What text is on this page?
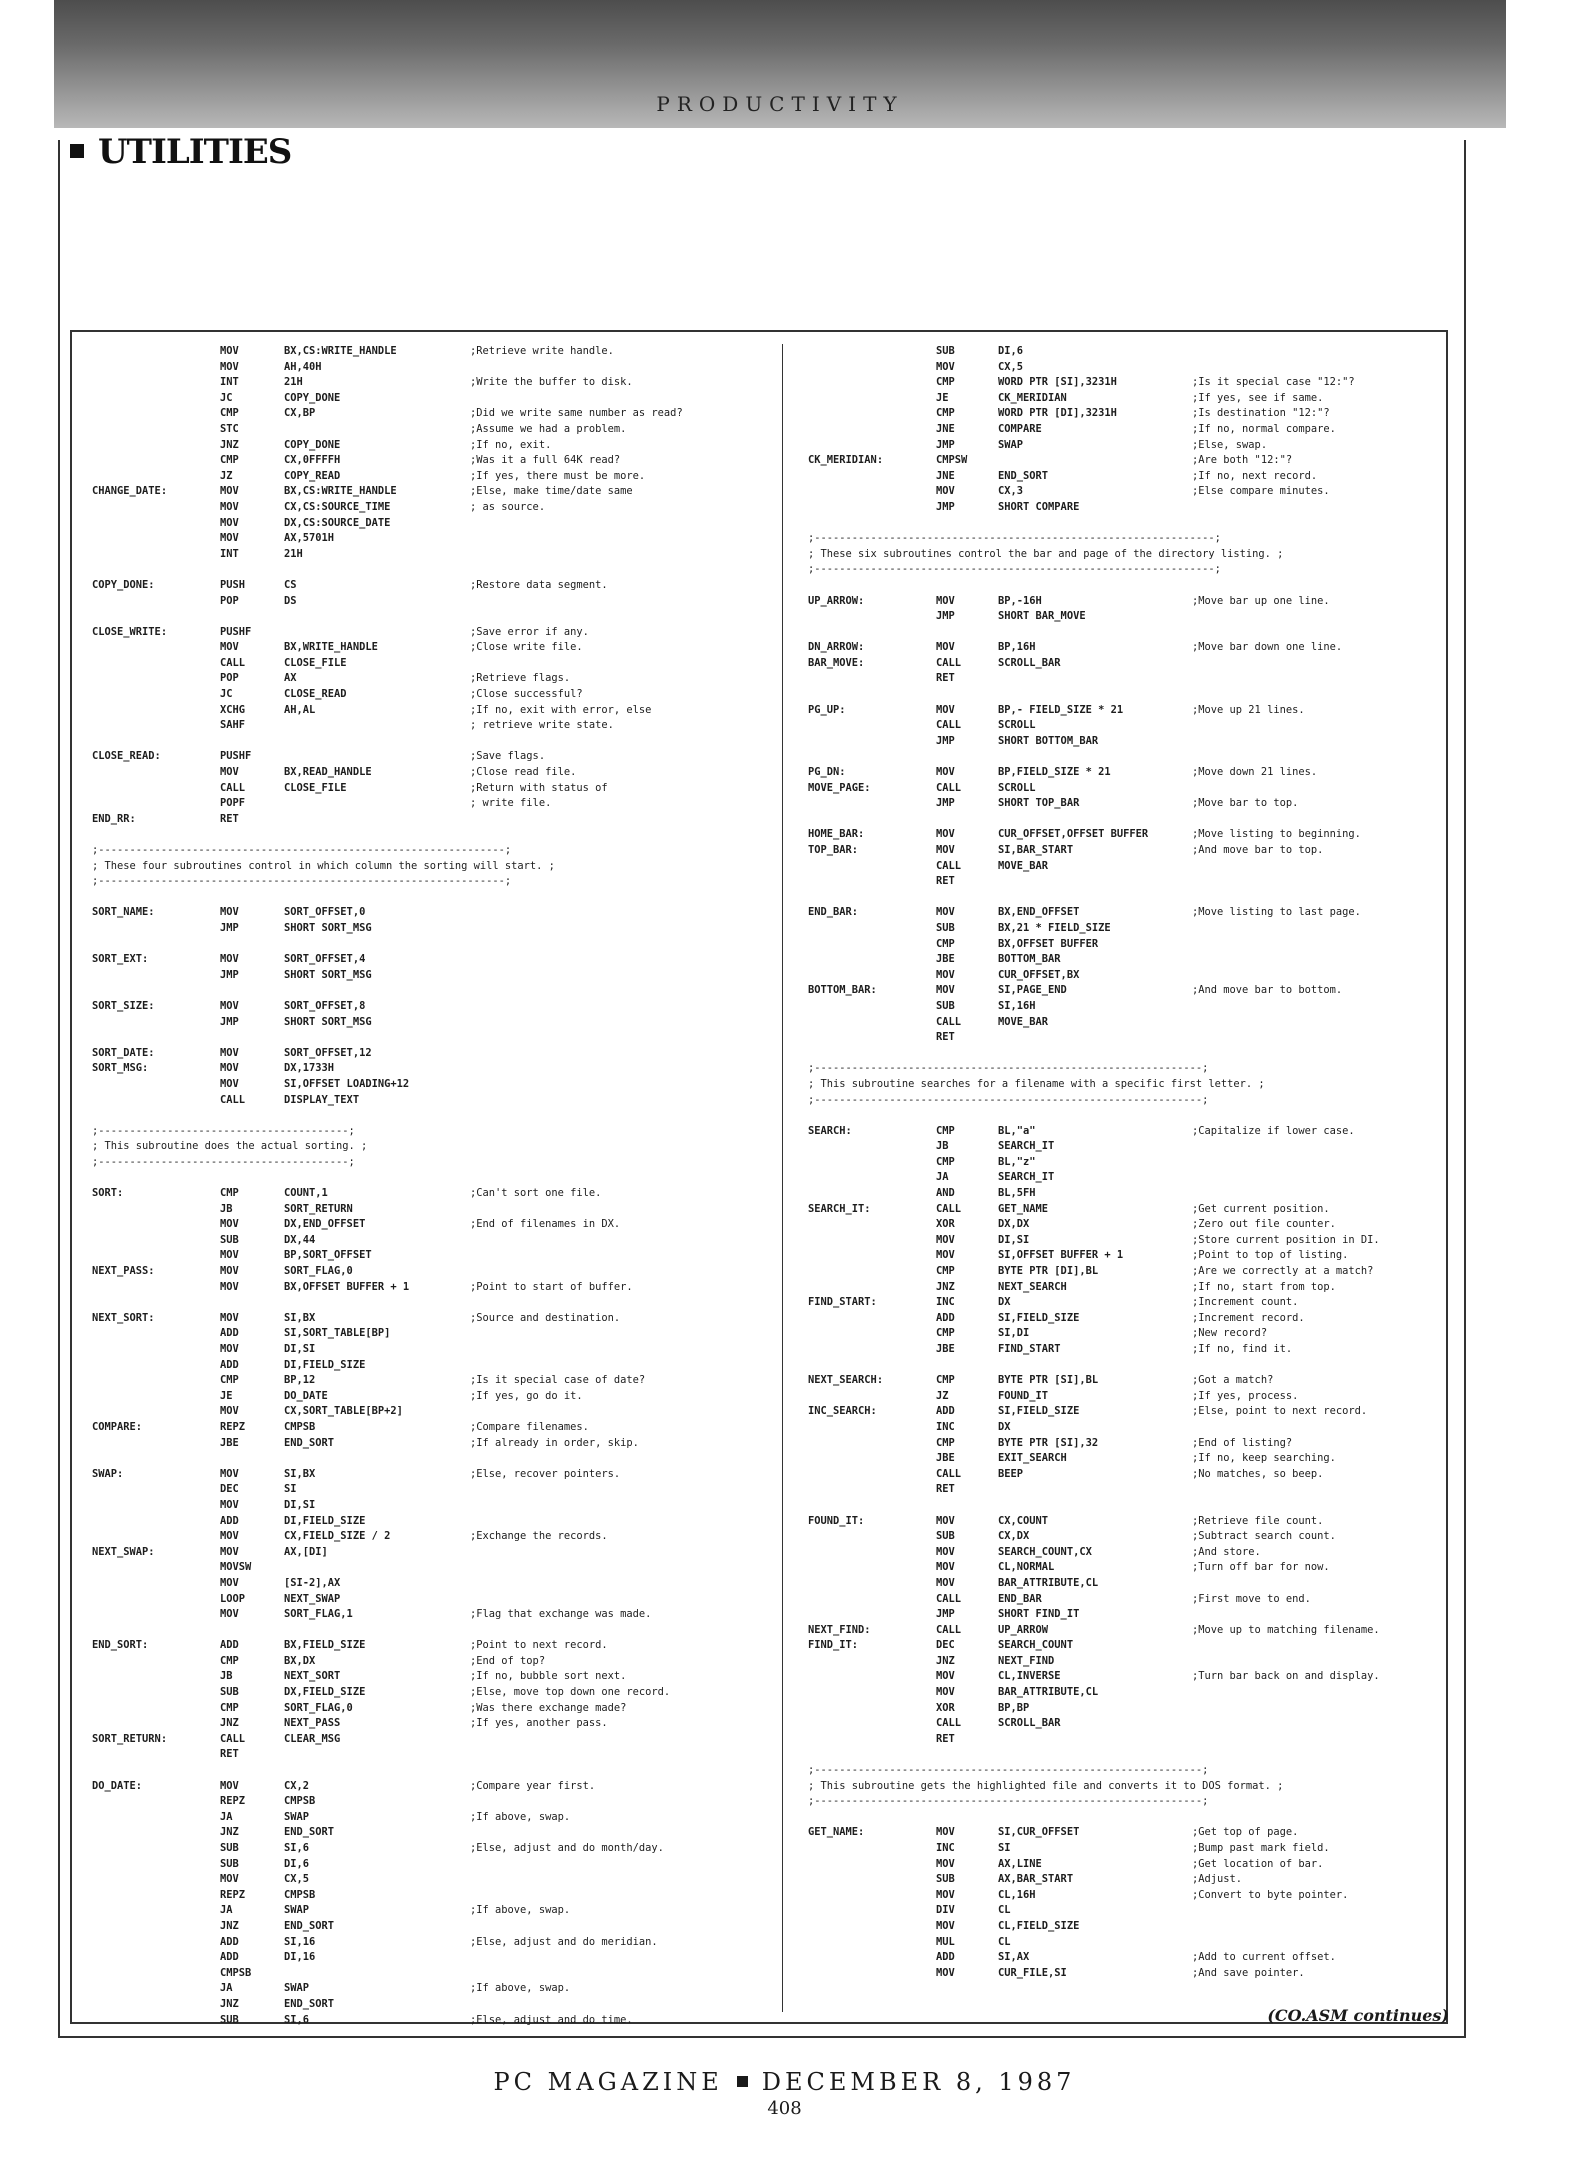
PRODUCTIVITY
UTILITIES
MOV	BX,CS:WRITE_HANDLE	;Retrieve write handle.
MOV	AH,40H
INT	21H	;Write the buffer to disk.
JC	COPY_DONE
CMP	CX,BP	;Did we write same number as read?
STC	;Assume we had a problem.
JNZ	COPY_DONE	;If no, exit.
CMP	CX,0FFFFH	;Was it a full 64K read?
JZ	COPY_READ	;If yes, there must be more.
CHANGE_DATE:	MOV	BX,CS:WRITE_HANDLE	;Else, make time/date same
MOV	CX,CS:SOURCE_TIME	; as source.
MOV	DX,CS:SOURCE_DATE
MOV	AX,5701H
INT	21H
COPY_DONE:	PUSH	CS	;Restore data segment.
POP	DS
CLOSE_WRITE:	PUSHF	;Save error if any.
MOV	BX,WRITE_HANDLE	;Close write file.
CALL	CLOSE_FILE
POP	AX	;Retrieve flags.
JC	CLOSE_READ	;Close successful?
XCHG	AH,AL	;If no, exit with error, else
SAHF	; retrieve write state.
CLOSE_READ:	PUSHF	;Save flags.
MOV	BX,READ_HANDLE	;Close read file.
CALL	CLOSE_FILE	;Return with status of
POPF	; write file.
END_RR:	RET
;-----------------------------------------------------------------;
; These four subroutines control in which column the sorting will start. ;
;-----------------------------------------------------------------;
SORT_NAME:	MOV	SORT_OFFSET,0
JMP	SHORT SORT_MSG
SORT_EXT:	MOV	SORT_OFFSET,4
JMP	SHORT SORT_MSG
SORT_SIZE:	MOV	SORT_OFFSET,8
JMP	SHORT SORT_MSG
SORT_DATE:	MOV	SORT_OFFSET,12
SORT_MSG:	MOV	DX,1733H
MOV	SI,OFFSET LOADING+12
CALL	DISPLAY_TEXT
;----------------------------------------;
; This subroutine does the actual sorting. ;
;----------------------------------------;
SORT:	CMP	COUNT,1	;Can't sort one file.
JB	SORT_RETURN
MOV	DX,END_OFFSET	;End of filenames in DX.
SUB	DX,44
MOV	BP,SORT_OFFSET
NEXT_PASS:	MOV	SORT_FLAG,0
MOV	BX,OFFSET BUFFER + 1	;Point to start of buffer.
NEXT_SORT:	MOV	SI,BX	;Source and destination.
ADD	SI,SORT_TABLE[BP]
MOV	DI,SI
ADD	DI,FIELD_SIZE
CMP	BP,12	;Is it special case of date?
JE	DO_DATE	;If yes, go do it.
MOV	CX,SORT_TABLE[BP+2]
COMPARE:	REPZ	CMPSB	;Compare filenames.
JBE	END_SORT	;If already in order, skip.
SWAP:	MOV	SI,BX	;Else, recover pointers.
DEC	SI
MOV	DI,SI
ADD	DI,FIELD_SIZE
MOV	CX,FIELD_SIZE / 2	;Exchange the records.
NEXT_SWAP:	MOV	AX,[DI]
MOVSW
MOV	[SI-2],AX
LOOP	NEXT_SWAP
MOV	SORT_FLAG,1	;Flag that exchange was made.
END_SORT:	ADD	BX,FIELD_SIZE	;Point to next record.
CMP	BX,DX	;End of top?
JB	NEXT_SORT	;If no, bubble sort next.
SUB	DX,FIELD_SIZE	;Else, move top down one record.
CMP	SORT_FLAG,0	;Was there exchange made?
JNZ	NEXT_PASS	;If yes, another pass.
SORT_RETURN:	CALL	CLEAR_MSG
RET
DO_DATE:	MOV	CX,2	;Compare year first.
REPZ	CMPSB
JA	SWAP	;If above, swap.
JNZ	END_SORT
SUB	SI,6	;Else, adjust and do month/day.
SUB	DI,6
MOV	CX,5
REPZ	CMPSB
JA	SWAP	;If above, swap.
JNZ	END_SORT
ADD	SI,16	;Else, adjust and do meridian.
ADD	DI,16
CMPSB
JA	SWAP	;If above, swap.
JNZ	END_SORT
SUB	SI,6	;Else, adjust and do time.
SUB	DI,6
MOV	CX,5
CMP	WORD PTR [SI],3231H	;Is it special case "12:"?
JE	CK_MERIDIAN	;If yes, see if same.
CMP	WORD PTR [DI],3231H	;Is destination "12:"?
JNE	COMPARE	;If no, normal compare.
JMP	SWAP	;Else, swap.
CK_MERIDIAN:	CMPSW	;Are both "12:"?
JNE	END_SORT	;If no, next record.
MOV	CX,3	;Else compare minutes.
JMP	SHORT COMPARE
;----------------------------------------------------------------;
; These six subroutines control the bar and page of the directory listing. ;
;----------------------------------------------------------------;
UP_ARROW:	MOV	BP,-16H	;Move bar up one line.
JMP	SHORT BAR_MOVE
DN_ARROW:	MOV	BP,16H	;Move bar down one line.
BAR_MOVE:	CALL	SCROLL_BAR
RET
PG_UP:	MOV	BP,- FIELD_SIZE * 21	;Move up 21 lines.
CALL	SCROLL
JMP	SHORT BOTTOM_BAR
PG_DN:	MOV	BP,FIELD_SIZE * 21	;Move down 21 lines.
MOVE_PAGE:	CALL	SCROLL
JMP	SHORT TOP_BAR	;Move bar to top.
HOME_BAR:	MOV	CUR_OFFSET,OFFSET BUFFER	;Move listing to beginning.
TOP_BAR:	MOV	SI,BAR_START	;And move bar to top.
CALL	MOVE_BAR
RET
END_BAR:	MOV	BX,END_OFFSET	;Move listing to last page.
SUB	BX,21 * FIELD_SIZE
CMP	BX,OFFSET BUFFER
JBE	BOTTOM_BAR
MOV	CUR_OFFSET,BX
BOTTOM_BAR:	MOV	SI,PAGE_END	;And move bar to bottom.
SUB	SI,16H
CALL	MOVE_BAR
RET
;--------------------------------------------------------------;
; This subroutine searches for a filename with a specific first letter. ;
;--------------------------------------------------------------;
SEARCH:	CMP	BL,"a"	;Capitalize if lower case.
JB	SEARCH_IT
CMP	BL,"z"
JA	SEARCH_IT
AND	BL,5FH
SEARCH_IT:	CALL	GET_NAME	;Get current position.
XOR	DX,DX	;Zero out file counter.
MOV	DI,SI	;Store current position in DI.
MOV	SI,OFFSET BUFFER + 1	;Point to top of listing.
CMP	BYTE PTR [DI],BL	;Are we correctly at a match?
JNZ	NEXT_SEARCH	;If no, start from top.
FIND_START:	INC	DX	;Increment count.
ADD	SI,FIELD_SIZE	;Increment record.
CMP	SI,DI	;New record?
JBE	FIND_START	;If no, find it.
NEXT_SEARCH:	CMP	BYTE PTR [SI],BL	;Got a match?
JZ	FOUND_IT	;If yes, process.
INC_SEARCH:	ADD	SI,FIELD_SIZE	;Else, point to next record.
INC	DX
CMP	BYTE PTR [SI],32	;End of listing?
JBE	EXIT_SEARCH	;If no, keep searching.
CALL	BEEP	;No matches, so beep.
RET
FOUND_IT:	MOV	CX,COUNT	;Retrieve file count.
SUB	CX,DX	;Subtract search count.
MOV	SEARCH_COUNT,CX	;And store.
MOV	CL,NORMAL	;Turn off bar for now.
MOV	BAR_ATTRIBUTE,CL
CALL	END_BAR	;First move to end.
JMP	SHORT FIND_IT
NEXT_FIND:	CALL	UP_ARROW	;Move up to matching filename.
FIND_IT:	DEC	SEARCH_COUNT
JNZ	NEXT_FIND
MOV	CL,INVERSE	;Turn bar back on and display.
MOV	BAR_ATTRIBUTE,CL
XOR	BP,BP
CALL	SCROLL_BAR
RET
;--------------------------------------------------------------;
; This subroutine gets the highlighted file and converts it to DOS format. ;
;--------------------------------------------------------------;
GET_NAME:	MOV	SI,CUR_OFFSET	;Get top of page.
INC	SI	;Bump past mark field.
MOV	AX,LINE	;Get location of bar.
SUB	AX,BAR_START	;Adjust.
MOV	CL,16H	;Convert to byte pointer.
DIV	CL
MOV	CL,FIELD_SIZE
MUL	CL
ADD	SI,AX	;Add to current offset.
MOV	CUR_FILE,SI	;And save pointer.
(CO.ASM continues)
PC MAGAZINE DECEMBER 8, 1987
408
